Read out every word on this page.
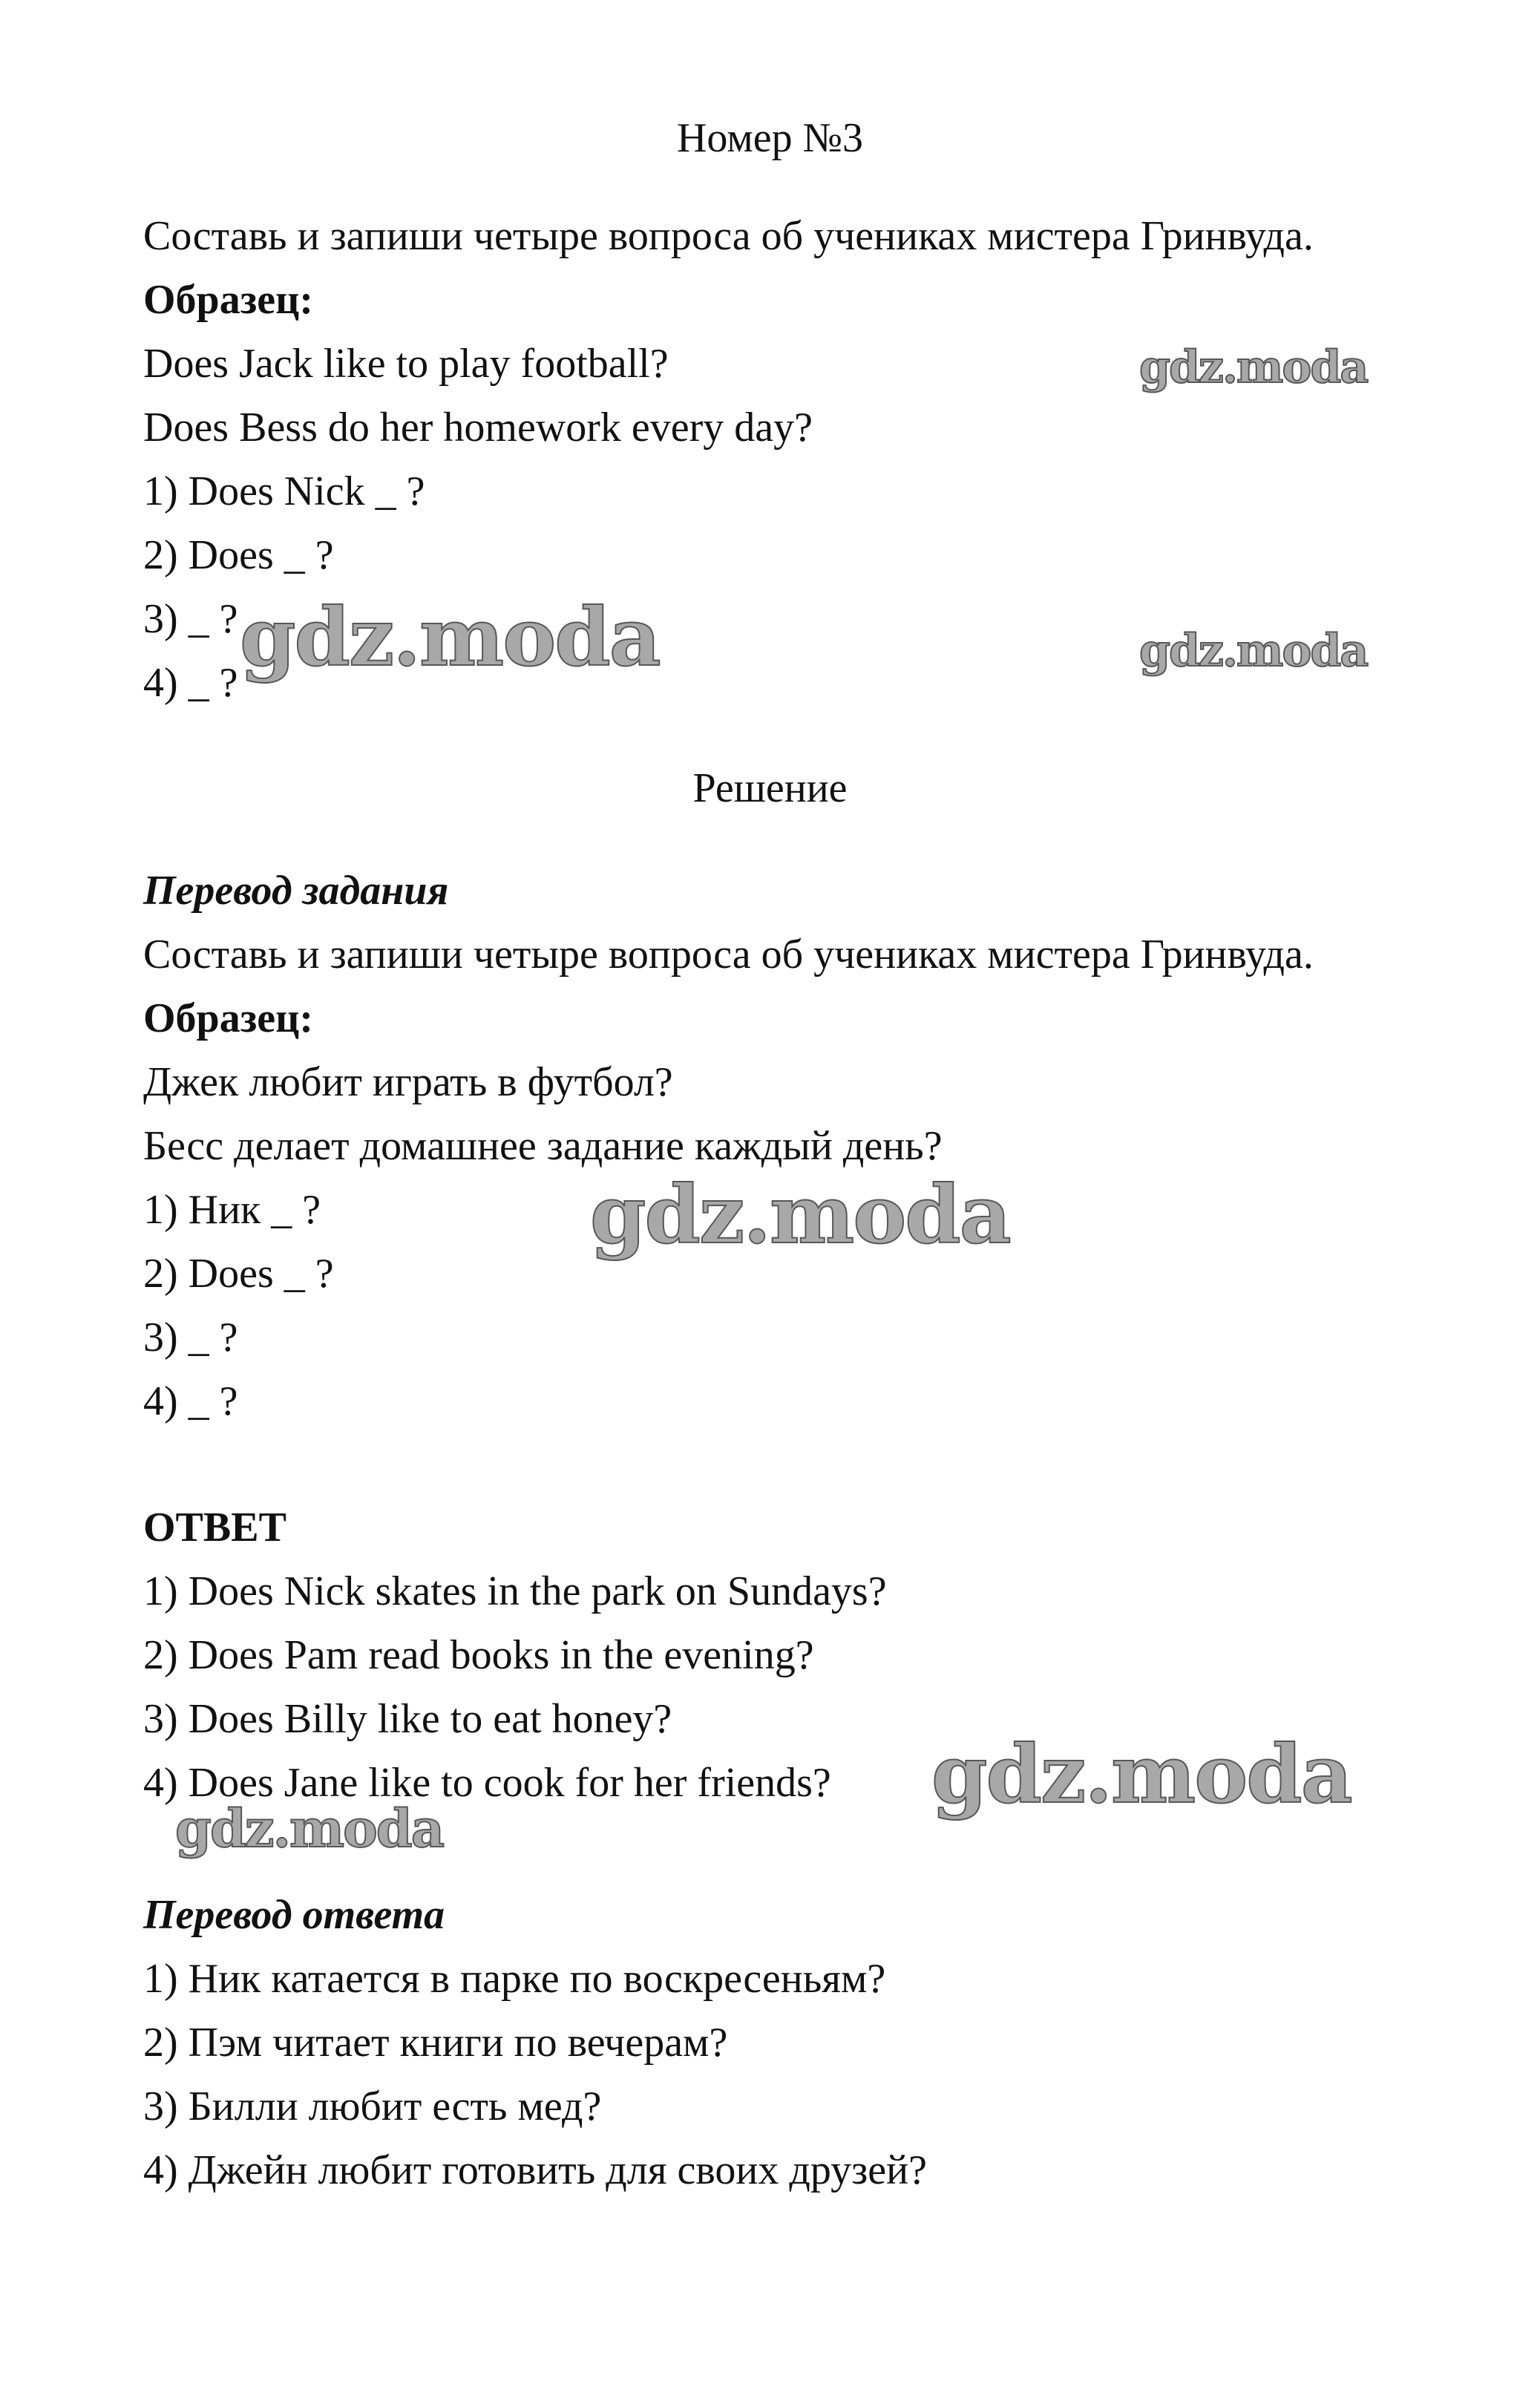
Номер №3
Составь и запиши четыре вопроса об учениках мистера Гринвуда.
Образец:
Does Jack like to play football?
Does Bess do her homework every day?
1) Does Nick _ ?
2) Does _ ?
3) _ ?
4) _ ?
Решение
Перевод задания
Составь и запиши четыре вопроса об учениках мистера Гринвуда.
Образец:
Джек любит играть в футбол?
Бесс делает домашнее задание каждый день?
1) Ник _ ?
2) Does _ ?
3) _ ?
4) _ ?
ОТВЕТ
1) Does Nick skates in the park on Sundays?
2) Does Pam read books in the evening?
3) Does Billy like to eat honey?
4) Does Jane like to cook for her friends?
Перевод ответа
1) Ник катается в парке по воскресеньям?
2) Пэм читает книги по вечерам?
3) Билли любит есть мед?
4) Джейн любит готовить для своих друзей?
gdz.moda
gdz.moda	gdz.moda
gdz.moda
gdz.moda
gdz.moda
